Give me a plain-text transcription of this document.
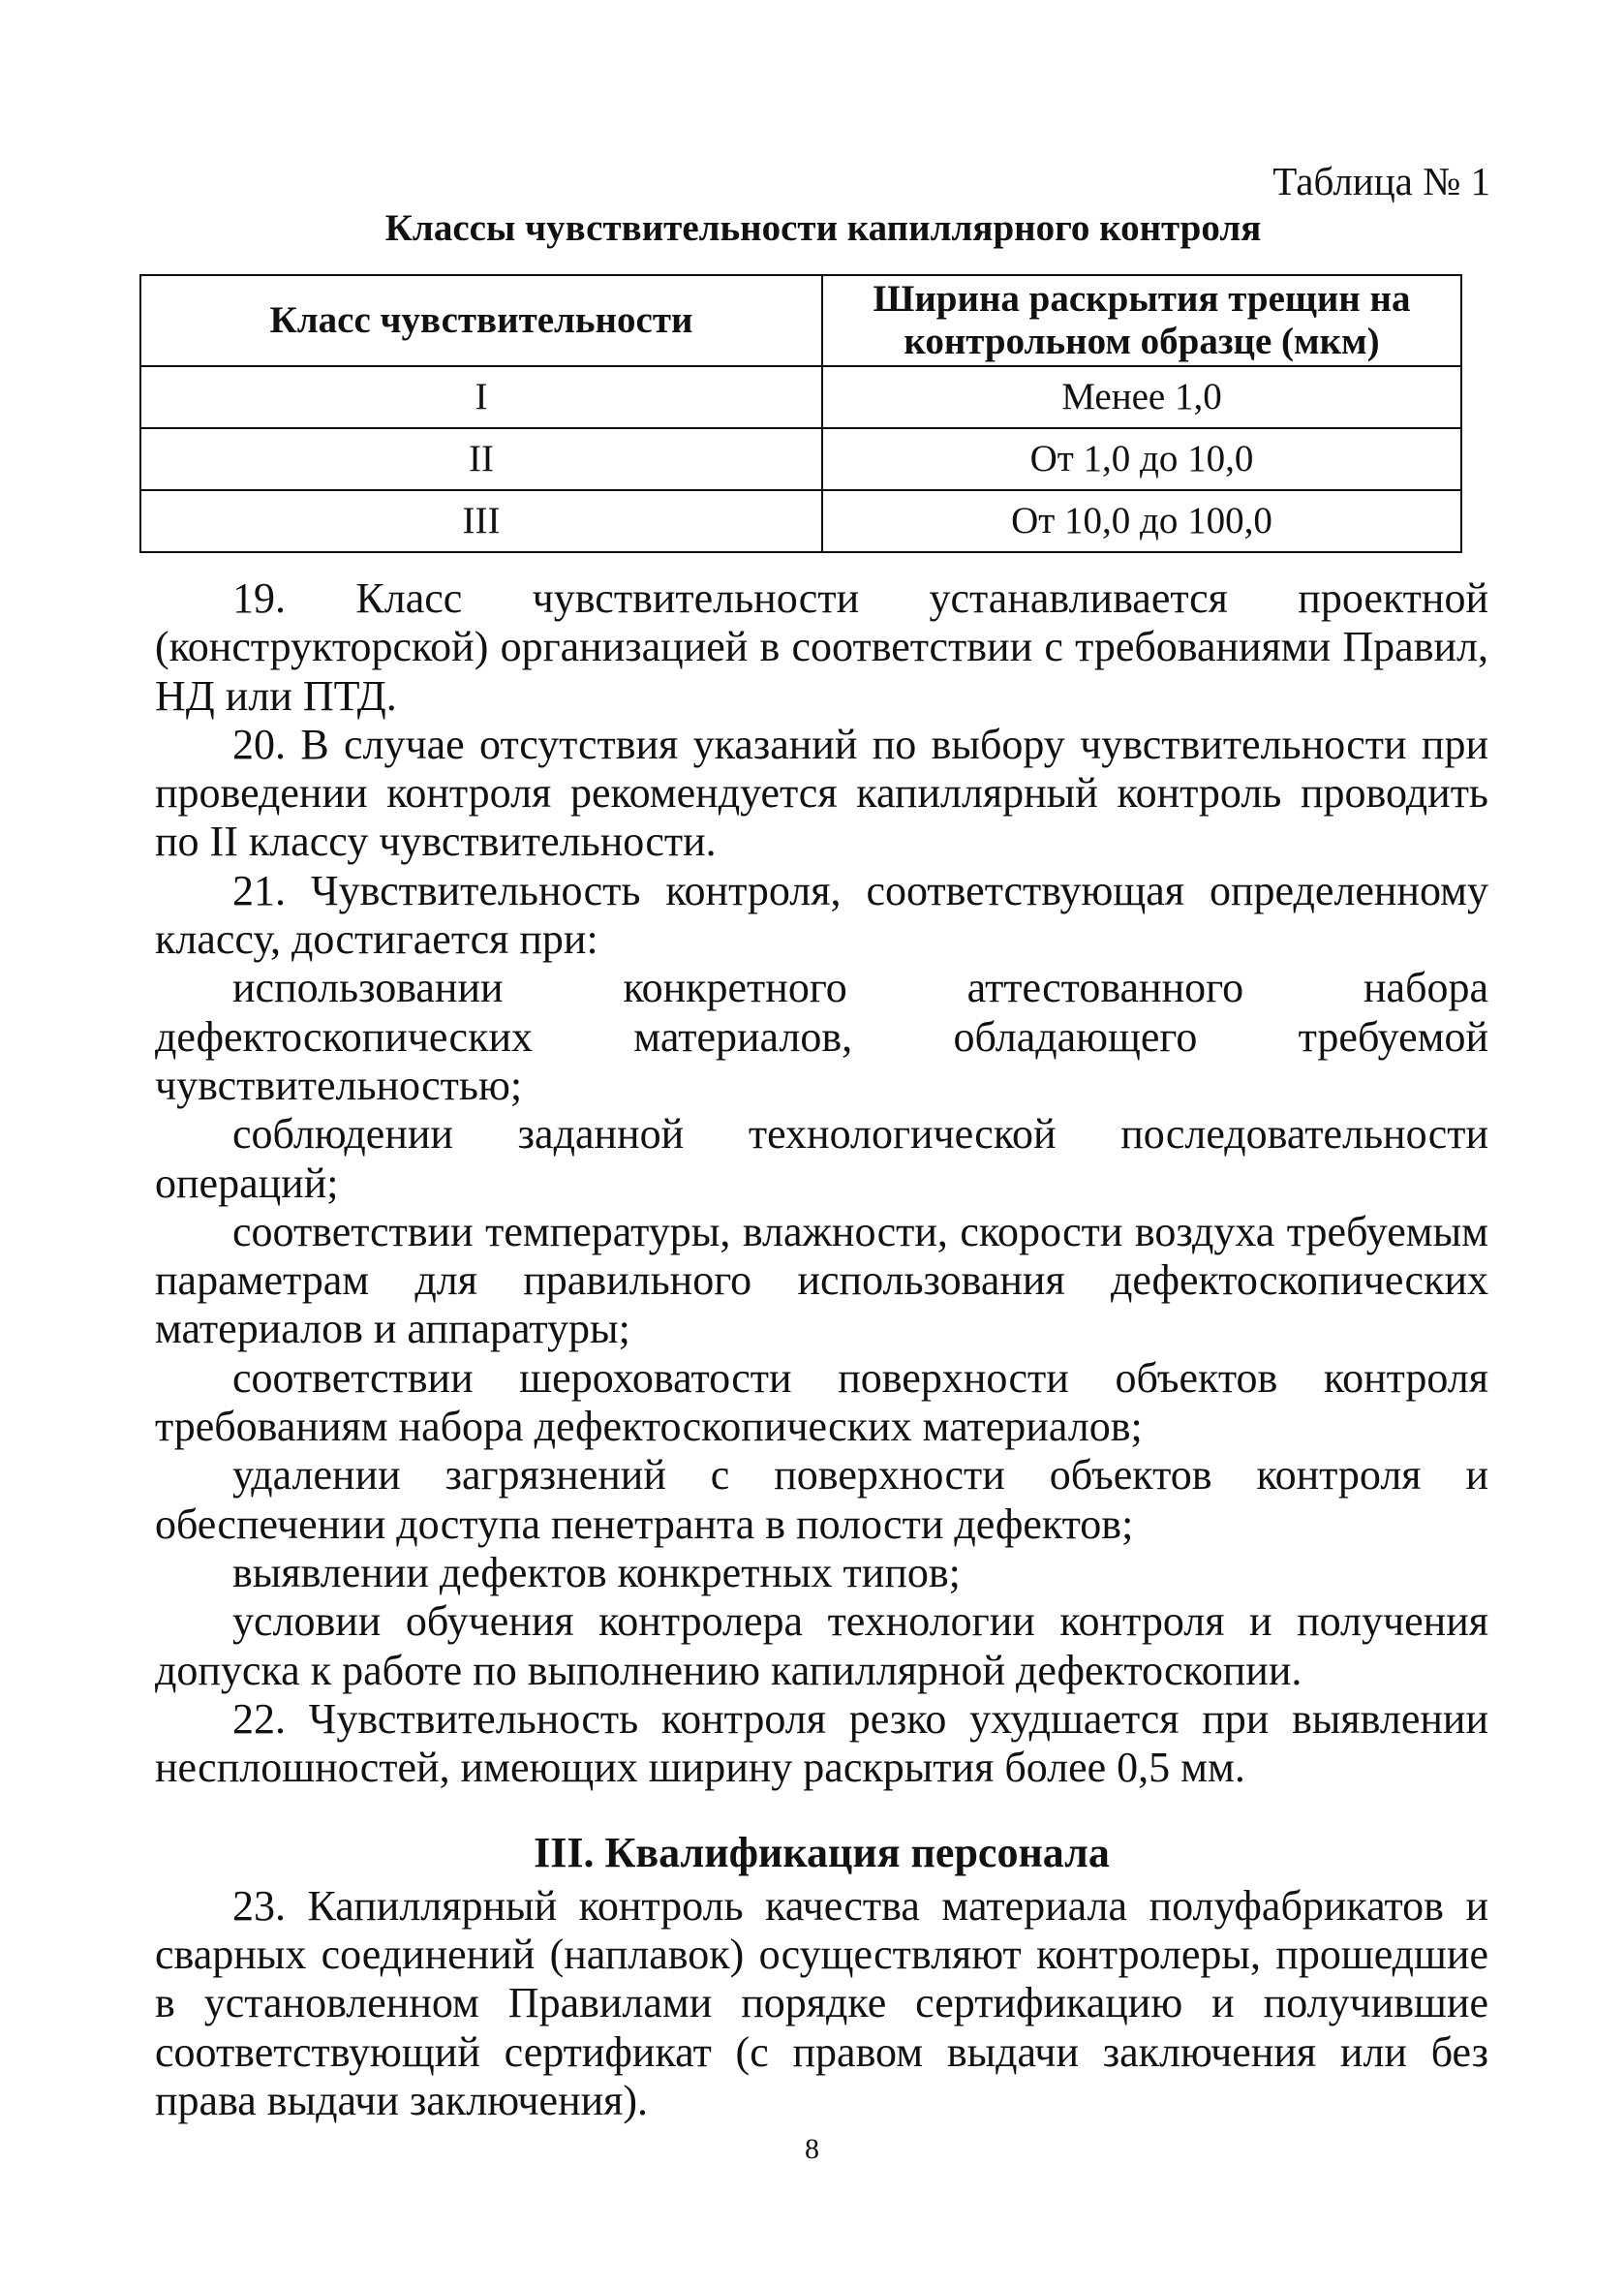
Таблица № 1
Классы чувствительности капиллярного контроля
Класс чувствительности	Ширина раскрытия трещин на контрольном образце (мкм)
I	Менее 1,0
II	От 1,0 до 10,0
III	От 10,0 до 100,0

19. Класс чувствительности устанавливается проектной (конструкторской) организацией в соответствии с требованиями Правил, НД или ПТД.

20. В случае отсутствия указаний по выбору чувствительности при проведении контроля рекомендуется капиллярный контроль проводить по II классу чувствительности.

21. Чувствительность контроля, соответствующая определенному классу, достигается при:

использовании конкретного аттестованного набора дефектоскопических материалов, обладающего требуемой чувствительностью;

соблюдении заданной технологической последовательности операций;

соответствии температуры, влажности, скорости воздуха требуемым параметрам для правильного использования дефектоскопических материалов и аппаратуры;

соответствии шероховатости поверхности объектов контроля требованиям набора дефектоскопических материалов;

удалении загрязнений с поверхности объектов контроля и обеспечении доступа пенетранта в полости дефектов;

выявлении дефектов конкретных типов;

условии обучения контролера технологии контроля и получения допуска к работе по выполнению капиллярной дефектоскопии.

22. Чувствительность контроля резко ухудшается при выявлении несплошностей, имеющих ширину раскрытия более 0,5 мм.

III. Квалификация персонала

23. Капиллярный контроль качества материала полуфабрикатов и сварных соединений (наплавок) осуществляют контролеры, прошедшие в установленном Правилами порядке сертификацию и получившие соответствующий сертификат (с правом выдачи заключения или без права выдачи заключения).

8
